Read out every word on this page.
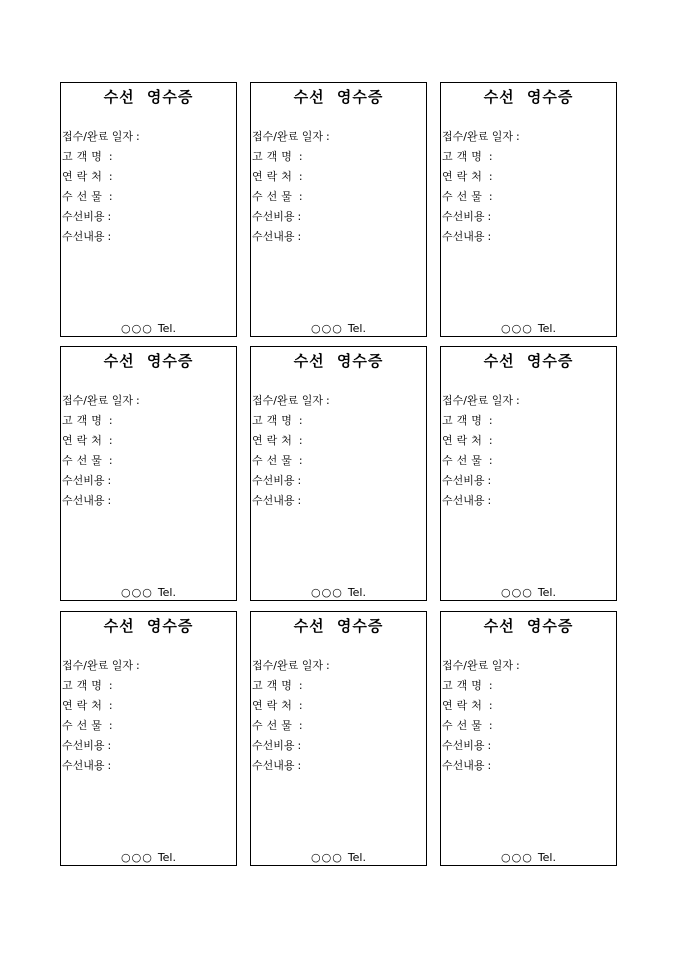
수선 영수증
접수/완료 일자 :
고객명 :
연락처 :
수선물 :
수선비용 :
수선내용 :
○○○ Tel.
수선 영수증
접수/완료 일자 :
고객명 :
연락처 :
수선물 :
수선비용 :
수선내용 :
○○○ Tel.
수선 영수증
접수/완료 일자 :
고객명 :
연락처 :
수선물 :
수선비용 :
수선내용 :
○○○ Tel.
수선 영수증
접수/완료 일자 :
고객명 :
연락처 :
수선물 :
수선비용 :
수선내용 :
○○○ Tel.
수선 영수증
접수/완료 일자 :
고객명 :
연락처 :
수선물 :
수선비용 :
수선내용 :
○○○ Tel.
수선 영수증
접수/완료 일자 :
고객명 :
연락처 :
수선물 :
수선비용 :
수선내용 :
○○○ Tel.
수선 영수증
접수/완료 일자 :
고객명 :
연락처 :
수선물 :
수선비용 :
수선내용 :
○○○ Tel.
수선 영수증
접수/완료 일자 :
고객명 :
연락처 :
수선물 :
수선비용 :
수선내용 :
○○○ Tel.
수선 영수증
접수/완료 일자 :
고객명 :
연락처 :
수선물 :
수선비용 :
수선내용 :
○○○ Tel.
